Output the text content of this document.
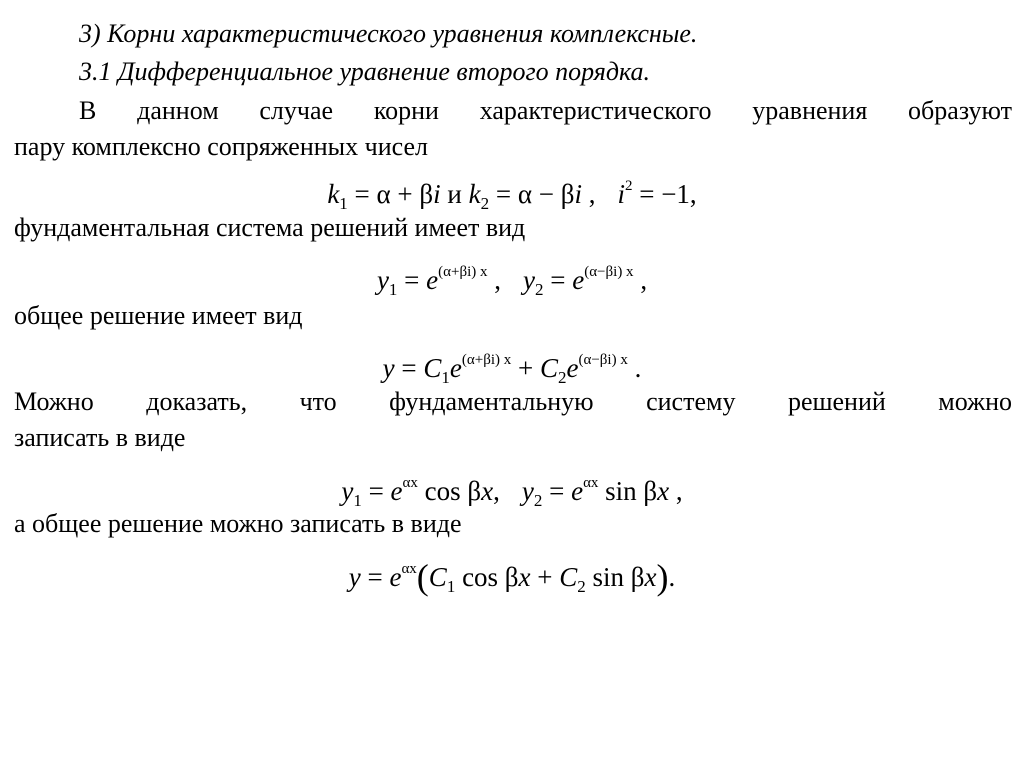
3) Корни характеристического уравнения комплексные.
3.1 Дифференциальное уравнение второго порядка.
В данном случае корни характеристического уравнения образуют
пару комплексно сопряженных чисел
$k_1 = \alpha + \beta i$ и $k_2 = \alpha - \beta i$ , $i^2 = -1$,
фундаментальная система решений имеет вид
$y_1 = e^{(\alpha+\beta i) x}$ , $y_2 = e^{(\alpha-\beta i) x}$ ,
общее решение имеет вид
$y = C_1e^{(\alpha+\beta i) x} + C_2e^{(\alpha-\beta i) x}$ .
Можно доказать, что фундаментальную систему решений можно
записать в виде
$y_1 = e^{\alpha x}$ cos βx, $y_2 = e^{\alpha x}$ sin βx ,
а общее решение можно записать в виде
$y = e^{\alpha x}(C_1$ $\cos \beta x + C_2$ sin βx).
